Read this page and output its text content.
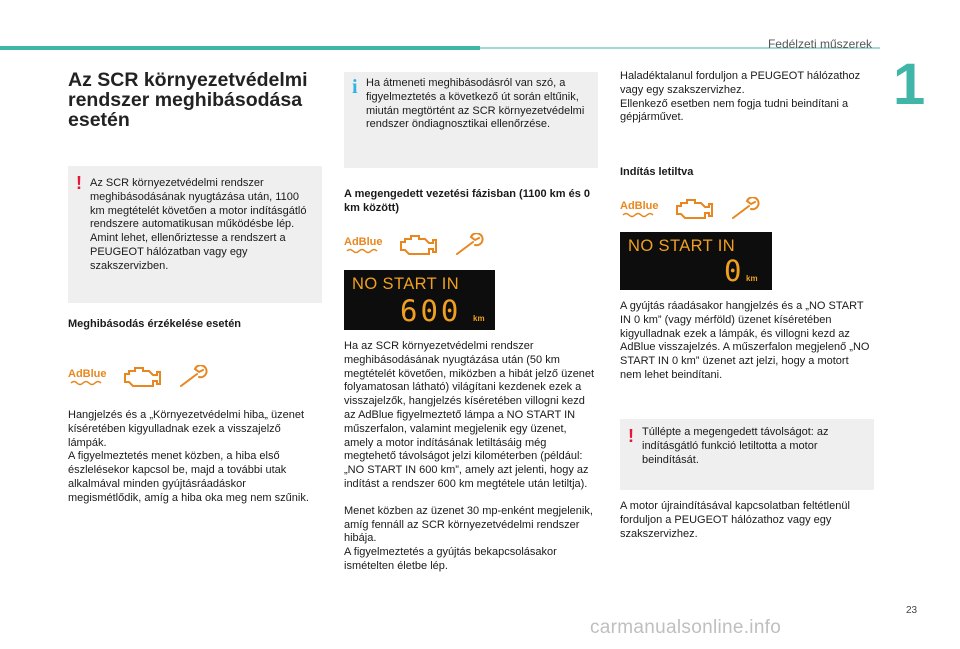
Fedélzeti műszerek
1
23
carmanualsonline.info
Az SCR környezetvédelmi rendszer meghibásodása esetén
! Az SCR környezetvédelmi rendszer meghibásodásának nyugtázása után, 1100 km megtételét követően a motor indításgátló rendszere automatikusan működésbe lép. Amint lehet, ellenőriztesse a rendszert a PEUGEOT hálózatban vagy egy szakszervizben.

Meghibásodás érzékelése esetén

AdBlue

Hangjelzés és a „Környezetvédelmi hiba„ üzenet kíséretében kigyulladnak ezek a visszajelző lámpák.
A figyelmeztetés menet közben, a hiba első észlelésekor kapcsol be, majd a további utak alkalmával minden gyújtásráadáskor megismétlődik, amíg a hiba oka meg nem szűnik.

i Ha átmeneti meghibásodásról van szó, a figyelmeztetés a következő út során eltűnik, miután megtörtént az SCR környezetvédelmi rendszer öndiagnosztikai ellenőrzése.

A megengedett vezetési fázisban (1100 km és 0 km között)

AdBlue
NO START IN
600 km

Ha az SCR környezetvédelmi rendszer meghibásodásának nyugtázása után (50 km megtételét követően, miközben a hibát jelző üzenet folyamatosan látható) világítani kezdenek ezek a visszajelzők, hangjelzés kíséretében villogni kezd az AdBlue figyelmeztető lámpa a NO START IN műszerfalon, valamint megjelenik egy üzenet, amely a motor indításának letiltásáig még megtehető távolságot jelzi kilométerben (például: „NO START IN 600 km”, amely azt jelenti, hogy az indítást a rendszer 600 km megtétele után letiltja).

Menet közben az üzenet 30 mp-enként megjelenik, amíg fennáll az SCR környezetvédelmi rendszer hibája.
A figyelmeztetés a gyújtás bekapcsolásakor ismételten életbe lép.

Haladéktalanul forduljon a PEUGEOT hálózathoz vagy egy szakszervizhez.
Ellenkező esetben nem fogja tudni beindítani a gépjárművet.

Indítás letiltva

AdBlue
NO START IN
0 km

A gyújtás ráadásakor hangjelzés és a „NO START IN 0 km” (vagy mérföld) üzenet kíséretében kigyulladnak ezek a lámpák, és villogni kezd az AdBlue visszajelzés. A műszerfalon megjelenő „NO START IN 0 km” üzenet azt jelzi, hogy a motort nem lehet beindítani.

! Túllépte a megengedett távolságot: az indításgátló funkció letiltotta a motor beindítását.

A motor újraindításával kapcsolatban feltétlenül forduljon a PEUGEOT hálózathoz vagy egy szakszervizhez.
